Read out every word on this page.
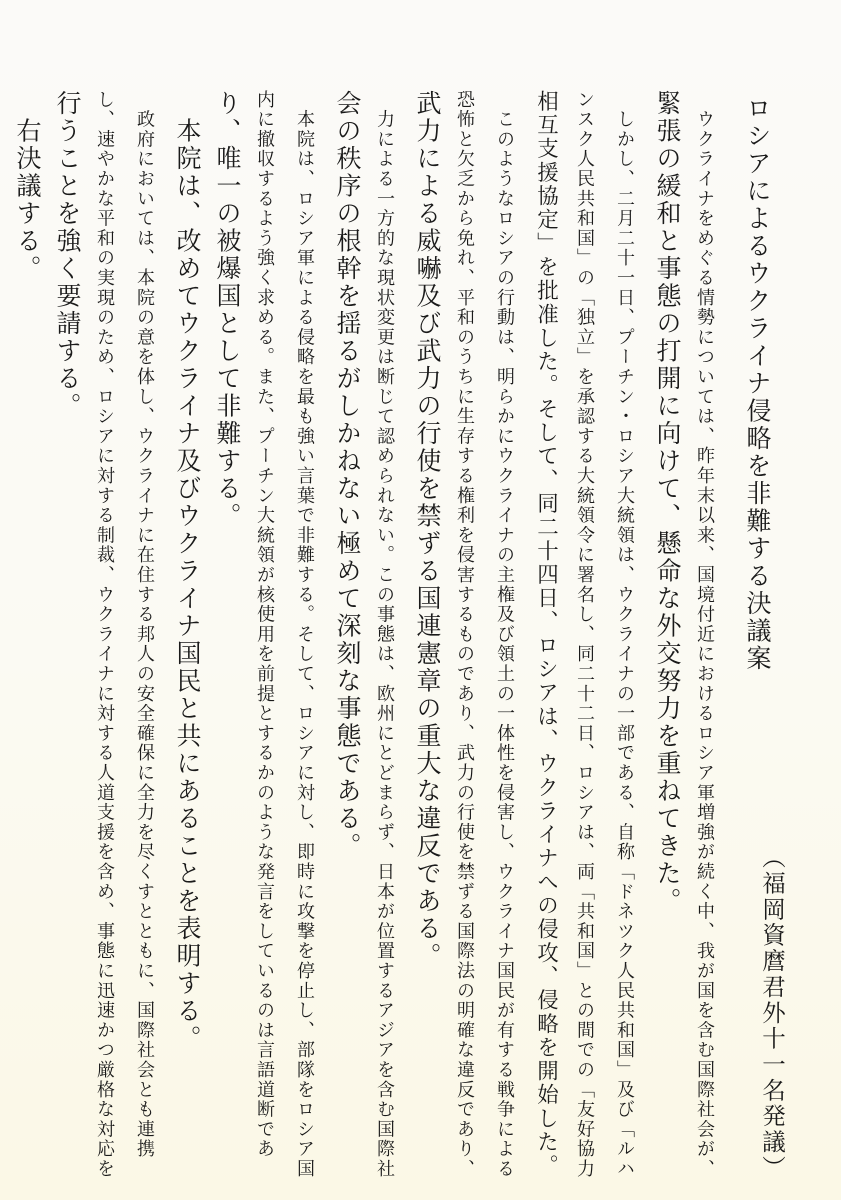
（福岡資麿君外十一名発議）
ロシアによるウクライナ侵略を非難する決議案
　ウクライナをめぐる情勢については、昨年末以来、国境付近におけるロシア軍増強が続く中、我が国を含む国際社会が、
緊張の緩和と事態の打開に向けて、懸命な外交努力を重ねてきた。
　しかし、二月二十一日、プーチン・ロシア大統領は、ウクライナの一部である、自称「ドネツク人民共和国」及び「ルハ
ンスク人民共和国」の「独立」を承認する大統領令に署名し、同二十二日、ロシアは、両「共和国」との間での「友好協力
相互支援協定」を批准した。そして、同二十四日、ロシアは、ウクライナへの侵攻、侵略を開始した。
　このようなロシアの行動は、明らかにウクライナの主権及び領土の一体性を侵害し、ウクライナ国民が有する戦争による
恐怖と欠乏から免れ、平和のうちに生存する権利を侵害するものであり、武力の行使を禁ずる国際法の明確な違反であり、
武力による威嚇及び武力の行使を禁ずる国連憲章の重大な違反である。
　力による一方的な現状変更は断じて認められない。この事態は、欧州にとどまらず、日本が位置するアジアを含む国際社
会の秩序の根幹を揺るがしかねない極めて深刻な事態である。
　本院は、ロシア軍による侵略を最も強い言葉で非難する。そして、ロシアに対し、即時に攻撃を停止し、部隊をロシア国
内に撤収するよう強く求める。また、プーチン大統領が核使用を前提とするかのような発言をしているのは言語道断であ
り、唯一の被爆国として非難する。
　本院は、改めてウクライナ及びウクライナ国民と共にあることを表明する。
　政府においては、本院の意を体し、ウクライナに在住する邦人の安全確保に全力を尽くすとともに、国際社会とも連携
し、速やかな平和の実現のため、ロシアに対する制裁、ウクライナに対する人道支援を含め、事態に迅速かつ厳格な対応を
行うことを強く要請する。
　右決議する。
